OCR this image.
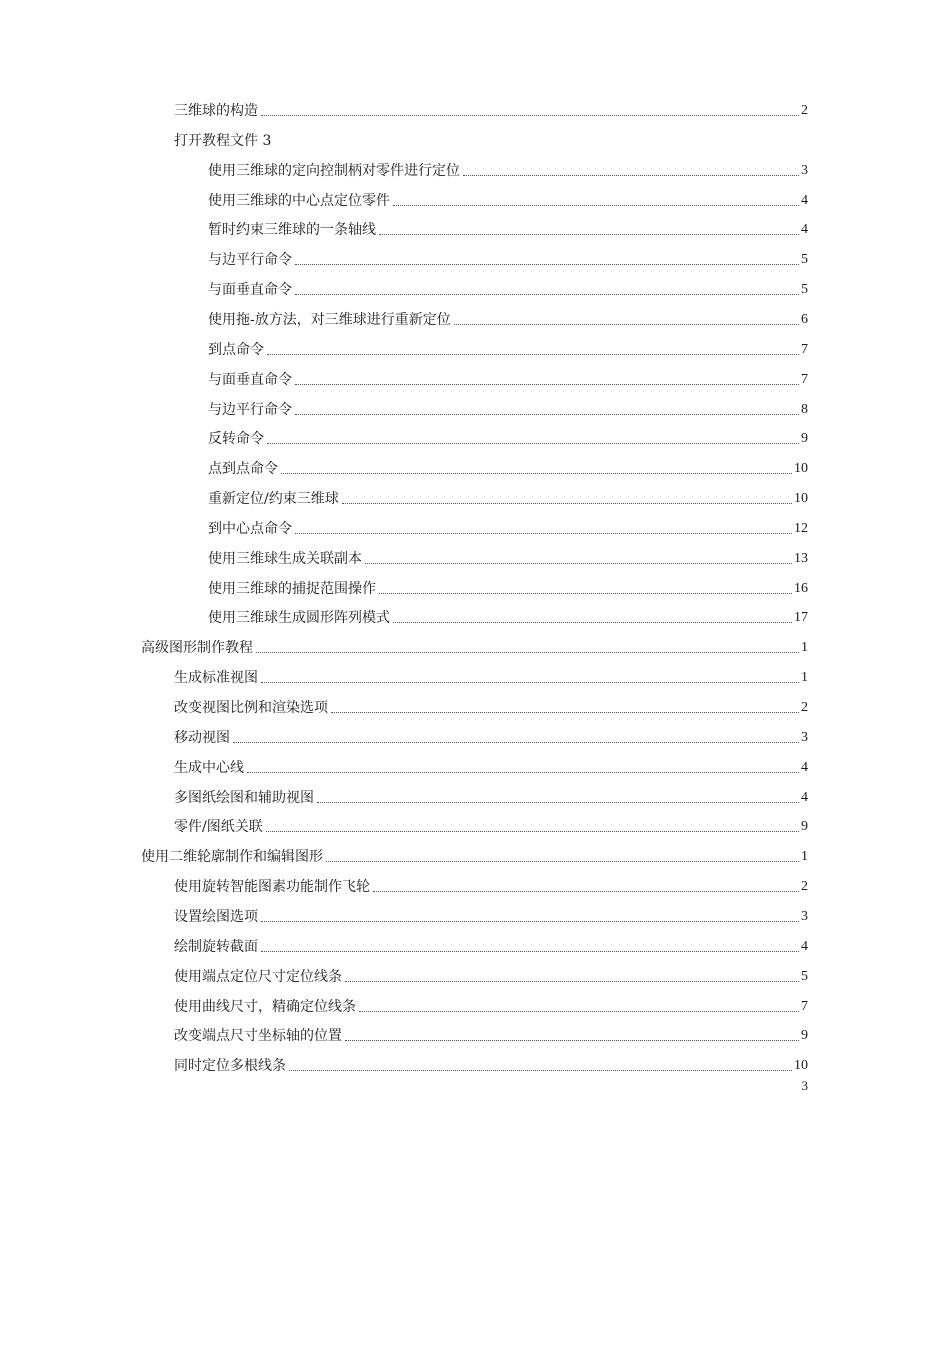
三维球的构造	2
打开教程文件 3
使用三维球的定向控制柄对零件进行定位	3
使用三维球的中心点定位零件	4
暂时约束三维球的一条轴线	4
与边平行命令	5
与面垂直命令	5
使用拖-放方法，对三维球进行重新定位	6
到点命令	7
与面垂直命令	7
与边平行命令	8
反转命令	9
点到点命令	10
重新定位/约束三维球	10
到中心点命令	12
使用三维球生成关联副本	13
使用三维球的捕捉范围操作	16
使用三维球生成圆形阵列模式	17
高级图形制作教程	1
生成标准视图	1
改变视图比例和渲染选项	2
移动视图	3
生成中心线	4
多图纸绘图和辅助视图	4
零件/图纸关联	9
使用二维轮廓制作和编辑图形	1
使用旋转智能图素功能制作飞轮	2
设置绘图选项	3
绘制旋转截面	4
使用端点定位尺寸定位线条	5
使用曲线尺寸，精确定位线条	7
改变端点尺寸坐标轴的位置	9
同时定位多根线条	10
3
